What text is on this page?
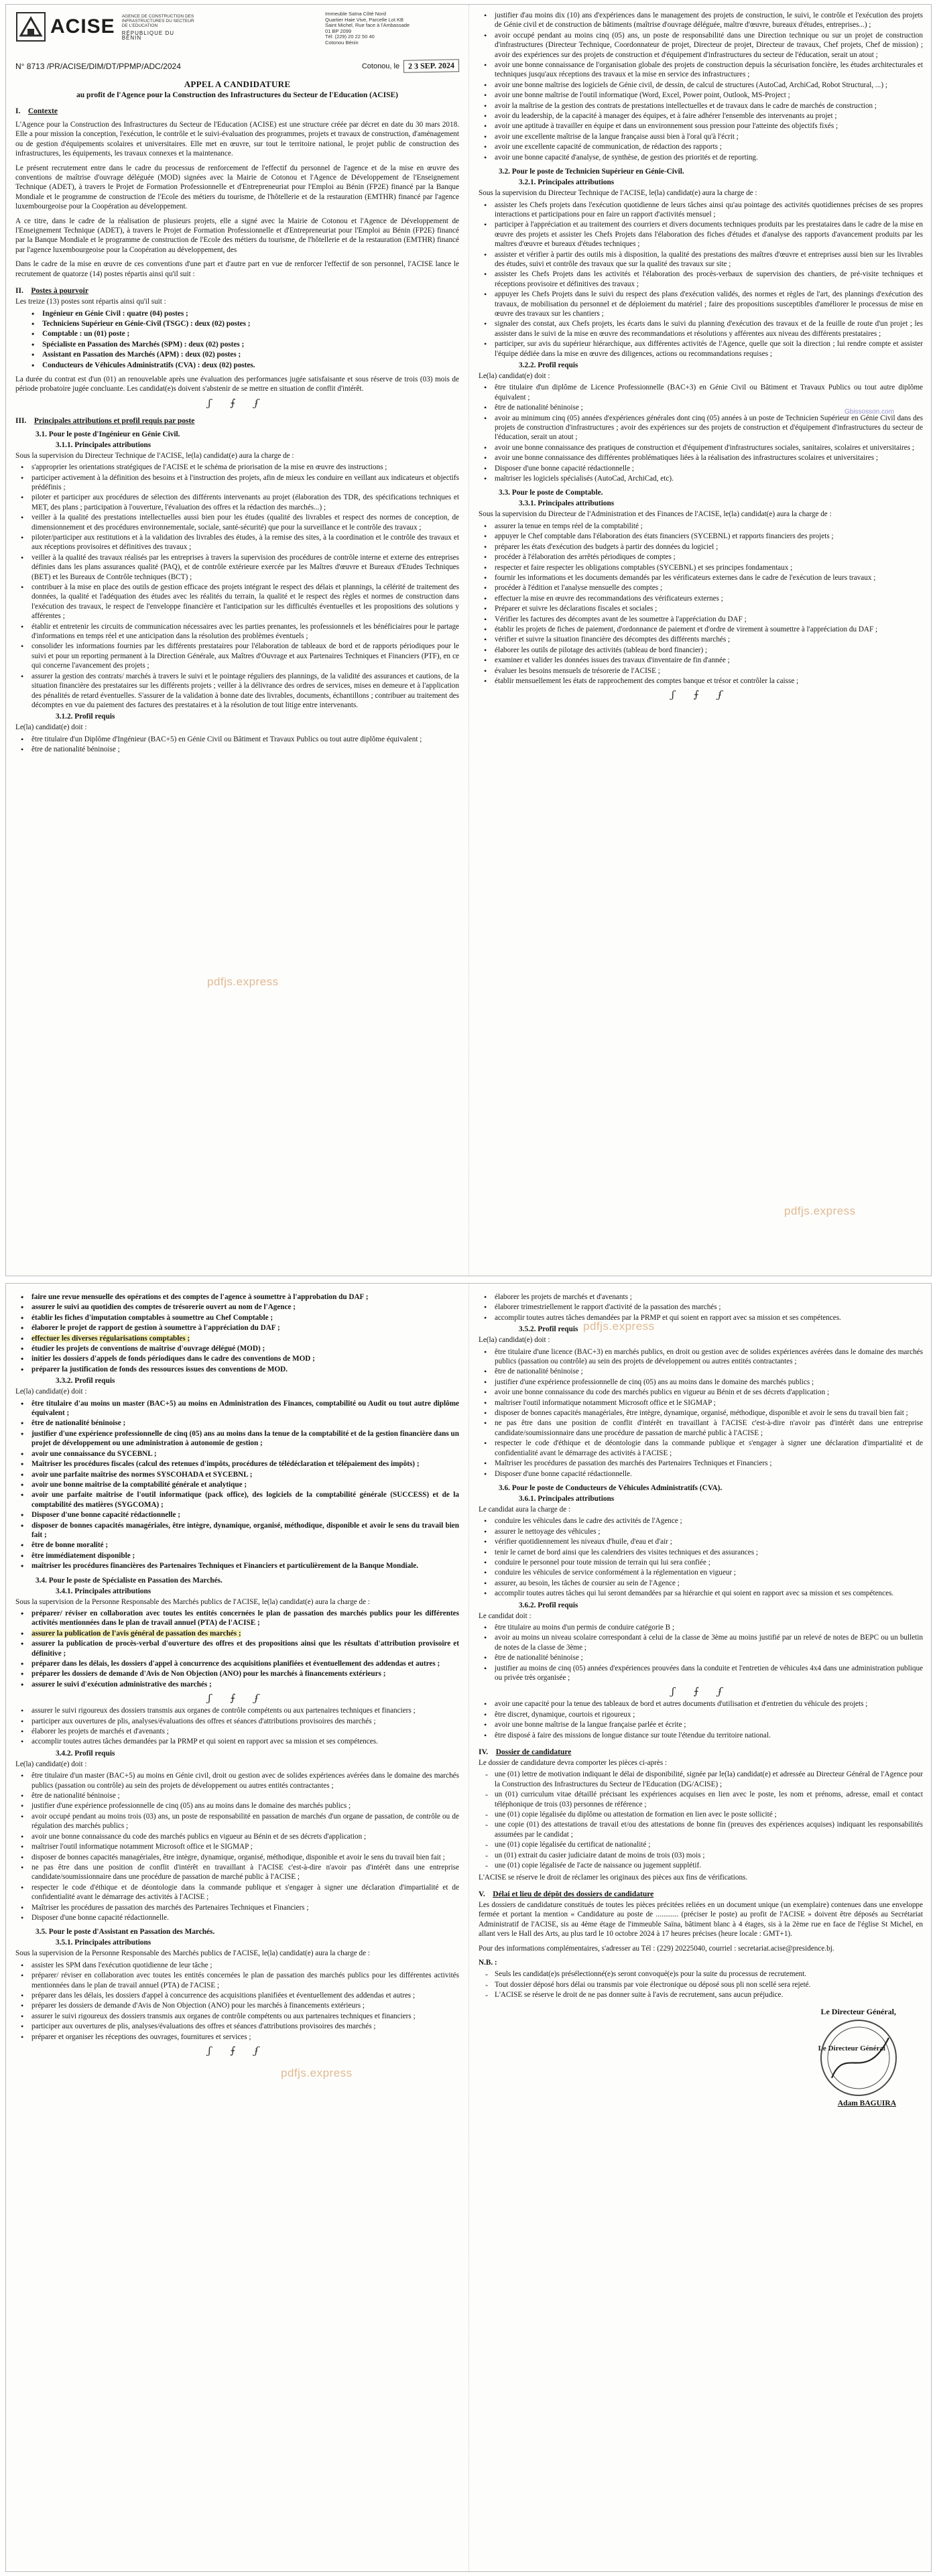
ACISE AGENCE DE CONSTRUCTION DES INFRASTRUCTURES DU SECTEUR DE L'EDUCATION
RÉPUBLIQUE DU BÉNIN
Immeuble Saïna Côté Nord
Quartier Haie Vive, Parcelle Lot KB
Saint Michel, Rue face à l'Ambassade
01 BP 2099
Tél: (229) 20 22 50 40
Cotonou Bénin
N° 8713 /PR/ACISE/DIM/DT/PPMP/ADC/2024	Cotonou, le	2 3 SEP. 2024
APPEL A CANDIDATURE
au profit de l'Agence pour la Construction des Infrastructures du Secteur de l'Education (ACISE)
I. Contexte
L'Agence pour la Construction des Infrastructures du Secteur de l'Education (ACISE) est une structure créée par décret en date du 30 mars 2018. Elle a pour mission la conception, l'exécution, le contrôle et le suivi-évaluation des programmes, projets et travaux de construction, d'aménagement ou de gestion d'équipements scolaires et universitaires. Elle met en œuvre, sur tout le territoire national, le projet public de construction des infrastructures, les équipements, les travaux connexes et la maintenance.
Le présent recrutement entre dans le cadre du processus de renforcement de l'effectif du personnel de l'agence et de la mise en œuvre des conventions de maîtrise d'ouvrage déléguée (MOD) signées avec la Mairie de Cotonou et l'Agence de Développement de l'Enseignement Technique (ADET), à travers le Projet de Formation Professionnelle et d'Entrepreneuriat pour l'Emploi au Bénin (FP2E) financé par la Banque Mondiale et le programme de construction de l'Ecole des métiers du tourisme, de l'hôtellerie et de la restauration (EMTHR) financé par l'agence luxembourgeoise pour la Coopération au développement.
A ce titre, dans le cadre de la réalisation de plusieurs projets, elle a signé avec la Mairie de Cotonou et l'Agence de Développement de l'Enseignement Technique (ADET), à travers le Projet de Formation Professionnelle et d'Entrepreneuriat pour l'Emploi au Bénin (FP2E) financé par la Banque Mondiale et le programme de construction de l'Ecole des métiers du tourisme, de l'hôtellerie et de la restauration (EMTHR) financé par l'agence luxembourgeoise pour la Coopération au développement, des
Dans le cadre de la mise en œuvre de ces conventions d'une part et d'autre part en vue de renforcer l'effectif de son personnel, l'ACISE lance le recrutement de quatorze (14) postes répartis ainsi qu'il suit :
II. Postes à pourvoir
Les treize (13) postes sont répartis ainsi qu'il suit :
• Ingénieur en Génie Civil : quatre (04) postes ;
• Techniciens Supérieur en Génie-Civil (TSGC) : deux (02) postes ;
• Comptable : un (01) poste ;
• Spécialiste en Passation des Marchés (SPM) : deux (02) postes ;
• Assistant en Passation des Marchés (APM) : deux (02) postes ;
• Conducteurs de Véhicules Administratifs (CVA) : deux (02) postes.
La durée du contrat est d'un (01) an renouvelable après une évaluation des performances jugée satisfaisante et sous réserve de trois (03) mois de période probatoire jugée concluante. Les candidat(e)s doivent s'abstenir de se mettre en situation de conflit d'intérêt.
ʃ ⨍ ʄ
III. Principales attributions et profil requis par poste
3.1. Pour le poste d'Ingénieur en Génie Civil.
3.1.1. Principales attributions
Sous la supervision du Directeur Technique de l'ACISE, le(la) candidat(e) aura la charge de :
• s'approprier les orientations stratégiques de l'ACISE et le schéma de priorisation de la mise en œuvre des instructions ;
• participer activement à la définition des besoins et à l'instruction des projets, afin de mieux les conduire en veillant aux indicateurs et objectifs prédéfinis ;
• piloter et participer aux procédures de sélection des différents intervenants au projet (élaboration des TDR, des spécifications techniques et MET, des plans ; participation à l'ouverture, l'évaluation des offres et la rédaction des marchés...) ;
• veiller à la qualité des prestations intellectuelles aussi bien pour les études (qualité des livrables et respect des normes de conception, de dimensionnement et des procédures environnementale, sociale, santé-sécurité) que pour la surveillance et le contrôle des travaux ;
• piloter/participer aux restitutions et à la validation des livrables des études, à la remise des sites, à la coordination et le contrôle des travaux et aux réceptions provisoires et définitives des travaux ;
• veiller à la qualité des travaux réalisés par les entreprises à travers la supervision des procédures de contrôle interne et externe des entreprises définies dans les plans assurances qualité (PAQ), et de contrôle extérieure exercée par les Maîtres d'œuvre et Bureaux d'Etudes Techniques (BET) et les Bureaux de Contrôle techniques (BCT) ;
• contribuer à la mise en place des outils de gestion efficace des projets intégrant le respect des délais et plannings, la célérité de traitement des données, la qualité et l'adéquation des études avec les réalités du terrain, la qualité et le respect des règles et normes de construction dans l'exécution des travaux, le respect de l'enveloppe financière et l'anticipation sur les difficultés éventuelles et les propositions des solutions y afférentes ;
• établir et entretenir les circuits de communication nécessaires avec les parties prenantes, les professionnels et les bénéficiaires pour le partage d'informations en temps réel et une anticipation dans la résolution des problèmes éventuels ;
• consolider les informations fournies par les différents prestataires pour l'élaboration de tableaux de bord et de rapports périodiques pour le suivi et pour un reporting permanent à la Direction Générale, aux Maîtres d'Ouvrage et aux Partenaires Techniques et Financiers (PTF), en ce qui concerne l'avancement des projets ;
• assurer la gestion des contrats/ marchés à travers le suivi et le pointage réguliers des plannings, de la validité des assurances et cautions, de la situation financière des prestataires sur les différents projets ; veiller à la délivrance des ordres de services, mises en demeure et à l'application des pénalités de retard éventuelles. S'assurer de la validation à bonne date des livrables, documents, échantillons ; contribuer au traitement des décomptes en vue du paiement des factures des prestataires et à la résolution de tout litige entre intervenants.
3.1.2. Profil requis
Le(la) candidat(e) doit :
• être titulaire d'un Diplôme d'Ingénieur (BAC+5) en Génie Civil ou Bâtiment et Travaux Publics ou tout autre diplôme équivalent ;
• être de nationalité béninoise ;
pdfjs.express
• justifier d'au moins dix (10) ans d'expériences dans le management des projets de construction, le suivi, le contrôle et l'exécution des projets de Génie civil et de construction de bâtiments (maîtrise d'ouvrage déléguée, maître d'œuvre, bureaux d'études, entreprises...) ;
• avoir occupé pendant au moins cinq (05) ans, un poste de responsabilité dans une Direction technique ou sur un projet de construction d'infrastructures (Directeur Technique, Coordonnateur de projet, Directeur de projet, Directeur de travaux, Chef projets, Chef de mission) ; avoir des expériences sur des projets de construction et d'équipement d'infrastructures du secteur de l'éducation, serait un atout ;
• avoir une bonne connaissance de l'organisation globale des projets de construction depuis la sécurisation foncière, les études architecturales et techniques jusqu'aux réceptions des travaux et la mise en service des infrastructures ;
• avoir une bonne maîtrise des logiciels de Génie civil, de dessin, de calcul de structures (AutoCad, ArchiCad, Robot Structural, ...) ;
• avoir une bonne maîtrise de l'outil informatique (Word, Excel, Power point, Outlook, MS-Project ;
• avoir la maîtrise de la gestion des contrats de prestations intellectuelles et de travaux dans le cadre de marchés de construction ;
• avoir du leadership, de la capacité à manager des équipes, et à faire adhérer l'ensemble des intervenants au projet ;
• avoir une aptitude à travailler en équipe et dans un environnement sous pression pour l'atteinte des objectifs fixés ;
• avoir une excellente maîtrise de la langue française aussi bien à l'oral qu'à l'écrit ;
• avoir une excellente capacité de communication, de rédaction des rapports ;
• avoir une bonne capacité d'analyse, de synthèse, de gestion des priorités et de reporting.
3.2. Pour le poste de Technicien Supérieur en Génie-Civil.
3.2.1. Principales attributions
Sous la supervision du Directeur Technique de l'ACISE, le(la) candidat(e) aura la charge de :
• assister les Chefs projets dans l'exécution quotidienne de leurs tâches ainsi qu'au pointage des activités quotidiennes précises de ses propres interactions et participations pour en faire un rapport d'activités mensuel ;
• participer à l'appréciation et au traitement des courriers et divers documents techniques produits par les prestataires dans le cadre de la mise en œuvre des projets et assister les Chefs Projets dans l'élaboration des fiches d'études et d'analyse des rapports d'avancement produits par les maîtres d'œuvre et bureaux d'études techniques ;
• assister et vérifier à partir des outils mis à disposition, la qualité des prestations des maîtres d'œuvre et entreprises aussi bien sur les livrables des études, suivi et contrôle des travaux que sur la qualité des travaux sur site ;
• assister les Chefs Projets dans les activités et l'élaboration des procès-verbaux de supervision des chantiers, de pré-visite techniques et réceptions provisoire et définitives des travaux ;
• appuyer les Chefs Projets dans le suivi du respect des plans d'exécution validés, des normes et règles de l'art, des plannings d'exécution des travaux, de mobilisation du personnel et de déploiement du matériel ; faire des propositions susceptibles d'améliorer le processus de mise en œuvre des travaux sur les chantiers ;
• signaler des constat, aux Chefs projets, les écarts dans le suivi du planning d'exécution des travaux et de la feuille de route d'un projet ; les assister dans le suivi de la mise en œuvre des recommandations et résolutions y afférentes aux niveau des différents prestataires ;
• participer, sur avis du supérieur hiérarchique, aux différentes activités de l'Agence, quelle que soit la direction ; lui rendre compte et assister l'équipe dédiée dans la mise en œuvre des diligences, actions ou recommandations requises ;
3.2.2. Profil requis
Le(la) candidat(e) doit :
• être titulaire d'un diplôme de Licence Professionnelle (BAC+3) en Génie Civil ou Bâtiment et Travaux Publics ou tout autre diplôme équivalent ;
• être de nationalité béninoise ;
• avoir au minimum cinq (05) années d'expériences générales dont cinq (05) années à un poste de Technicien Supérieur en Génie Civil dans des projets de construction d'infrastructures ; avoir des expériences sur des projets de construction et d'équipement d'infrastructures du secteur de l'éducation, serait un atout ;
• avoir une bonne connaissance des pratiques de construction et d'équipement d'infrastructures sociales, sanitaires, scolaires et universitaires ;
• avoir une bonne connaissance des différentes problématiques liées à la réalisation des infrastructures scolaires et universitaires ;
• Disposer d'une bonne capacité rédactionnelle ;
• maîtriser les logiciels spécialisés (AutoCad, ArchiCad, etc).
3.3. Pour le poste de Comptable.
3.3.1. Principales attributions
Sous la supervision du Directeur de l'Administration et des Finances de l'ACISE, le(la) candidat(e) aura la charge de :
• assurer la tenue en temps réel de la comptabilité ;
• appuyer le Chef comptable dans l'élaboration des états financiers (SYCEBNL) et rapports financiers des projets ;
• préparer les états d'exécution des budgets à partir des données du logiciel ;
• procéder à l'élaboration des arrêtés périodiques de comptes ;
• respecter et faire respecter les obligations comptables (SYCEBNL) et ses principes fondamentaux ;
• fournir les informations et les documents demandés par les vérificateurs externes dans le cadre de l'exécution de leurs travaux ;
• procéder à l'édition et l'analyse mensuelle des comptes ;
• effectuer la mise en œuvre des recommandations des vérificateurs externes ;
• Préparer et suivre les déclarations fiscales et sociales ;
• Vérifier les factures des décomptes avant de les soumettre à l'appréciation du DAF ;
• établir les projets de fiches de paiement, d'ordonnance de paiement et d'ordre de virement à soumettre à l'appréciation du DAF ;
• vérifier et suivre la situation financière des décomptes des différents marchés ;
• élaborer les outils de pilotage des activités (tableau de bord financier) ;
• examiner et valider les données issues des travaux d'inventaire de fin d'année ;
• évaluer les besoins mensuels de trésorerie de l'ACISE ;
• établir mensuellement les états de rapprochement des comptes banque et trésor et contrôler la caisse ;
ʃ ⨍ ʄ
Gbissosson.com
pdfjs.express
• faire une revue mensuelle des opérations et des comptes de l'agence à soumettre à l'approbation du DAF ;
• assurer le suivi au quotidien des comptes de trésorerie ouvert au nom de l'Agence ;
• établir les fiches d'imputation comptables à soumettre au Chef Comptable ;
• élaborer le projet de rapport de gestion à soumettre à l'appréciation du DAF ;
• effectuer les diverses régularisations comptables ;
• étudier les projets de conventions de maîtrise d'ouvrage délégué (MOD) ;
• initier les dossiers d'appels de fonds périodiques dans le cadre des conventions de MOD ;
• préparer la justification de fonds des ressources issues des conventions de MOD.
3.3.2. Profil requis
Le(la) candidat(e) doit :
• être titulaire d'au moins un master (BAC+5) au moins en Administration des Finances, comptabilité ou Audit ou tout autre diplôme équivalent ;
• être de nationalité béninoise ;
• justifier d'une expérience professionnelle de cinq (05) ans au moins dans la tenue de la comptabilité et de la gestion financière dans un projet de développement ou une administration à autonomie de gestion ;
• avoir une connaissance du SYCEBNL ;
• Maîtriser les procédures fiscales (calcul des retenues d'impôts, procédures de télédéclaration et télépaiement des impôts) ;
• avoir une parfaite maîtrise des normes SYSCOHADA et SYCEBNL ;
• avoir une bonne maîtrise de la comptabilité générale et analytique ;
• avoir une parfaite maîtrise de l'outil informatique (pack office), des logiciels de la comptabilité générale (SUCCESS) et de la comptabilité des matières (SYGCOMA) ;
• Disposer d'une bonne capacité rédactionnelle ;
• disposer de bonnes capacités managériales, être intègre, dynamique, organisé, méthodique, disponible et avoir le sens du travail bien fait ;
• être de bonne moralité ;
• être immédiatement disponible ;
• maîtriser les procédures financières des Partenaires Techniques et Financiers et particulièrement de la Banque Mondiale.
3.4. Pour le poste de Spécialiste en Passation des Marchés.
3.4.1. Principales attributions
Sous la supervision de la Personne Responsable des Marchés publics de l'ACISE, le(la) candidat(e) aura la charge de :
• préparer/ réviser en collaboration avec toutes les entités concernées le plan de passation des marchés publics pour les différentes activités mentionnées dans le plan de travail annuel (PTA) de l'ACISE ;
• assurer la publication de l'avis général de passation des marchés ;
• assurer la publication de procès-verbal d'ouverture des offres et des propositions ainsi que les résultats d'attribution provisoire et définitive ;
• préparer dans les délais, les dossiers d'appel à concurrence des acquisitions planifiées et éventuellement des addendas et autres ;
• préparer les dossiers de demande d'Avis de Non Objection (ANO) pour les marchés à financements extérieurs ;
• assurer le suivi d'exécution administrative des marchés ;
ʃ ⨍ ʄ
• assurer le suivi rigoureux des dossiers transmis aux organes de contrôle compétents ou aux partenaires techniques et financiers ;
• participer aux ouvertures de plis, analyses/évaluations des offres et séances d'attributions provisoires des marchés ;
• élaborer les projets de marchés et d'avenants ;
• accomplir toutes autres tâches demandées par la PRMP et qui soient en rapport avec sa mission et ses compétences.
3.4.2. Profil requis
Le(la) candidat(e) doit :
• être titulaire d'un master (BAC+5) au moins en Génie civil, droit ou gestion avec de solides expériences avérées dans le domaine des marchés publics (passation ou contrôle) au sein des projets de développement ou autres entités contractantes ;
• être de nationalité béninoise ;
• justifier d'une expérience professionnelle de cinq (05) ans au moins dans le domaine des marchés publics ;
• avoir occupé pendant au moins trois (03) ans, un poste de responsabilité en passation de marchés d'un organe de passation, de contrôle ou de régulation des marchés publics ;
• avoir une bonne connaissance du code des marchés publics en vigueur au Bénin et de ses décrets d'application ;
• maîtriser l'outil informatique notamment Microsoft office et le SIGMAP ;
• disposer de bonnes capacités managériales, être intègre, dynamique, organisé, méthodique, disponible et avoir le sens du travail bien fait ;
• ne pas être dans une position de conflit d'intérêt en travaillant à l'ACISE c'est-à-dire n'avoir pas d'intérêt dans une entreprise candidate/soumissionnaire dans une procédure de passation de marché public à l'ACISE ;
• respecter le code d'éthique et de déontologie dans la commande publique et s'engager à signer une déclaration d'impartialité et de confidentialité avant le démarrage des activités à l'ACISE ;
• Maîtriser les procédures de passation des marchés des Partenaires Techniques et Financiers ;
• Disposer d'une bonne capacité rédactionnelle.
3.5. Pour le poste d'Assistant en Passation des Marchés.
3.5.1. Principales attributions
Sous la supervision de la Personne Responsable des Marchés publics de l'ACISE, le(la) candidat(e) aura la charge de :
• assister les SPM dans l'exécution quotidienne de leur tâche ;
• préparer/ réviser en collaboration avec toutes les entités concernées le plan de passation des marchés publics pour les différentes activités mentionnées dans le plan de travail annuel (PTA) de l'ACISE ;
• préparer dans les délais, les dossiers d'appel à concurrence des acquisitions planifiées et éventuellement des addendas et autres ;
• préparer les dossiers de demande d'Avis de Non Objection (ANO) pour les marchés à financements extérieurs ;
• assurer le suivi rigoureux des dossiers transmis aux organes de contrôle compétents ou aux partenaires techniques et financiers ;
• participer aux ouvertures de plis, analyses/évaluations des offres et séances d'attributions provisoires des marchés ;
• préparer et organiser les réceptions des ouvrages, fournitures et services ;
ʃ ⨍ ʄ
pdfjs.express
• élaborer les projets de marchés et d'avenants ;
• élaborer trimestriellement le rapport d'activité de la passation des marchés ;
• accomplir toutes autres tâches demandées par la PRMP et qui soient en rapport avec sa mission et ses compétences.
3.5.2. Profil requis
Le(la) candidat(e) doit :
• être titulaire d'une licence (BAC+3) en marchés publics, en droit ou gestion avec de solides expériences avérées dans le domaine des marchés publics (passation ou contrôle) au sein des projets de développement ou autres entités contractantes ;
• être de nationalité béninoise ;
• justifier d'une expérience professionnelle de cinq (05) ans au moins dans le domaine des marchés publics ;
• avoir une bonne connaissance du code des marchés publics en vigueur au Bénin et de ses décrets d'application ;
• maîtriser l'outil informatique notamment Microsoft office et le SIGMAP ;
• disposer de bonnes capacités managériales, être intègre, dynamique, organisé, méthodique, disponible et avoir le sens du travail bien fait ;
• ne pas être dans une position de conflit d'intérêt en travaillant à l'ACISE c'est-à-dire n'avoir pas d'intérêt dans une entreprise candidate/soumissionnaire dans une procédure de passation de marché public à l'ACISE ;
• respecter le code d'éthique et de déontologie dans la commande publique et s'engager à signer une déclaration d'impartialité et de confidentialité avant le démarrage des activités à l'ACISE ;
• Maîtriser les procédures de passation des marchés des Partenaires Techniques et Financiers ;
• Disposer d'une bonne capacité rédactionnelle.
3.6. Pour le poste de Conducteurs de Véhicules Administratifs (CVA).
3.6.1. Principales attributions
Le candidat aura la charge de :
• conduire les véhicules dans le cadre des activités de l'Agence ;
• assurer le nettoyage des véhicules ;
• vérifier quotidiennement les niveaux d'huile, d'eau et d'air ;
• tenir le carnet de bord ainsi que les calendriers des visites techniques et des assurances ;
• conduire le personnel pour toute mission de terrain qui lui sera confiée ;
• conduire les véhicules de service conformément à la réglementation en vigueur ;
• assurer, au besoin, les tâches de coursier au sein de l'Agence ;
• accomplir toutes autres tâches qui lui seront demandées par sa hiérarchie et qui soient en rapport avec sa mission et ses compétences.
3.6.2. Profil requis
Le candidat doit :
• être titulaire au moins d'un permis de conduire catégorie B ;
• avoir au moins un niveau scolaire correspondant à celui de la classe de 3ème au moins justifié par un relevé de notes de BEPC ou un bulletin de notes de la classe de 3ème ;
• être de nationalité béninoise ;
• justifier au moins de cinq (05) années d'expériences prouvées dans la conduite et l'entretien de véhicules 4x4 dans une administration publique ou privée très organisée ;
ʃ ⨍ ʄ
• avoir une capacité pour la tenue des tableaux de bord et autres documents d'utilisation et d'entretien du véhicule des projets ;
• être discret, dynamique, courtois et rigoureux ;
• avoir une bonne maîtrise de la langue française parlée et écrite ;
• être disposé à faire des missions de longue distance sur toute l'étendue du territoire national.
IV. Dossier de candidature
Le dossier de candidature devra comporter les pièces ci-après :
- une (01) lettre de motivation indiquant le délai de disponibilité, signée par le(la) candidat(e) et adressée au Directeur Général de l'Agence pour la Construction des Infrastructures du Secteur de l'Education (DG/ACISE) ;
- un (01) curriculum vitae détaillé précisant les expériences acquises en lien avec le poste, les nom et prénoms, adresse, email et contact téléphonique de trois (03) personnes de référence ;
- une (01) copie légalisée du diplôme ou attestation de formation en lien avec le poste sollicité ;
- une copie (01) des attestations de travail et/ou des attestations de bonne fin (preuves des expériences acquises) indiquant les responsabilités assumées par le candidat ;
- une (01) copie légalisée du certificat de nationalité ;
- un (01) extrait du casier judiciaire datant de moins de trois (03) mois ;
- une (01) copie légalisée de l'acte de naissance ou jugement supplétif.
L'ACISE se réserve le droit de réclamer les originaux des pièces aux fins de vérifications.
V. Délai et lieu de dépôt des dossiers de candidature
Les dossiers de candidature constitués de toutes les pièces précitées reliées en un document unique (un exemplaire) contenues dans une enveloppe fermée et portant la mention « Candidature au poste de ............ (préciser le poste) au profit de l'ACISE » doivent être déposés au Secrétariat Administratif de l'ACISE, sis au 4ème étage de l'immeuble Saïna, bâtiment blanc à 4 étages, sis à la 2ème rue en face de l'église St Michel, en allant vers le Hall des Arts, au plus tard le 10 octobre 2024 à 17 heures précises (heure locale : GMT+1).
Pour des informations complémentaires, s'adresser au Tél : (229) 20225040, courriel : secretariat.acise@presidence.bj.
N.B. :
- Seuls les candidat(e)s présélectionné(e)s seront convoqué(e)s pour la suite du processus de recrutement.
- Tout dossier déposé hors délai ou transmis par voie électronique ou déposé sous pli non scellé sera rejeté.
- L'ACISE se réserve le droit de ne pas donner suite à l'avis de recrutement, sans aucun préjudice.
Le Directeur Général,
Le Directeur Général
Adam BAGUIRA
pdfjs.express
